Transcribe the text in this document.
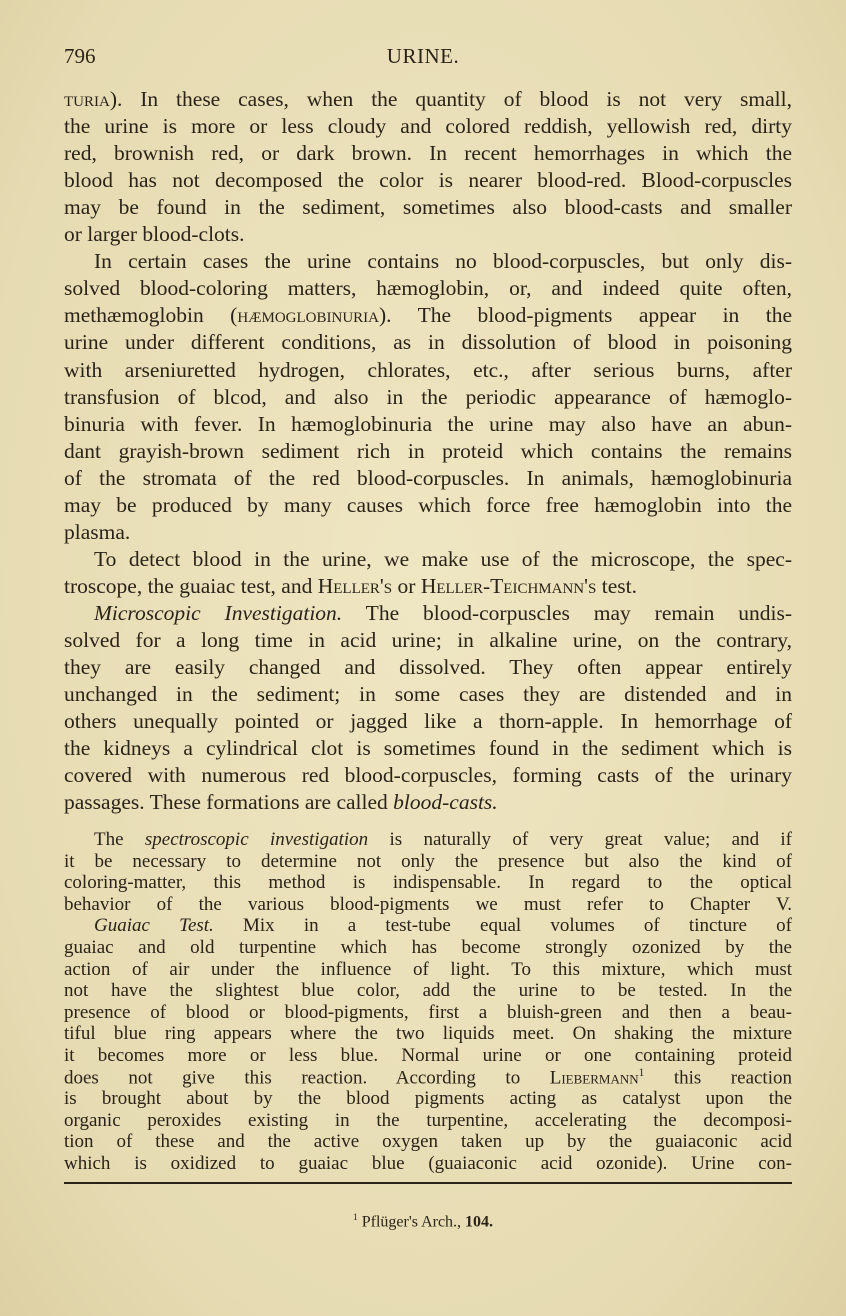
796	URINE.
turia). In these cases, when the quantity of blood is not very small,
the urine is more or less cloudy and colored reddish, yellowish red, dirty
red, brownish red, or dark brown. In recent hemorrhages in which the
blood has not decomposed the color is nearer blood-red. Blood-corpuscles
may be found in the sediment, sometimes also blood-casts and smaller
or larger blood-clots.
In certain cases the urine contains no blood-corpuscles, but only dis-
solved blood-coloring matters, hæmoglobin, or, and indeed quite often,
methæmoglobin (hæmoglobinuria). The blood-pigments appear in the
urine under different conditions, as in dissolution of blood in poisoning
with arseniuretted hydrogen, chlorates, etc., after serious burns, after
transfusion of blcod, and also in the periodic appearance of hæmoglo-
binuria with fever. In hæmoglobinuria the urine may also have an abun-
dant grayish-brown sediment rich in proteid which contains the remains
of the stromata of the red blood-corpuscles. In animals, hæmoglobinuria
may be produced by many causes which force free hæmoglobin into the
plasma.
To detect blood in the urine, we make use of the microscope, the spec-
troscope, the guaiac test, and Heller's or Heller-Teichmann's test.
Microscopic Investigation. The blood-corpuscles may remain undis-
solved for a long time in acid urine; in alkaline urine, on the contrary,
they are easily changed and dissolved. They often appear entirely
unchanged in the sediment; in some cases they are distended and in
others unequally pointed or jagged like a thorn-apple. In hemorrhage of
the kidneys a cylindrical clot is sometimes found in the sediment which is
covered with numerous red blood-corpuscles, forming casts of the urinary
passages. These formations are called blood-casts.
The spectroscopic investigation is naturally of very great value; and if
it be necessary to determine not only the presence but also the kind of
coloring-matter, this method is indispensable. In regard to the optical
behavior of the various blood-pigments we must refer to Chapter V.
Guaiac Test. Mix in a test-tube equal volumes of tincture of
guaiac and old turpentine which has become strongly ozonized by the
action of air under the influence of light. To this mixture, which must
not have the slightest blue color, add the urine to be tested. In the
presence of blood or blood-pigments, first a bluish-green and then a beau-
tiful blue ring appears where the two liquids meet. On shaking the mixture
it becomes more or less blue. Normal urine or one containing proteid
does not give this reaction. According to Liebermann$^1$ this reaction
is brought about by the blood pigments acting as catalyst upon the
organic peroxides existing in the turpentine, accelerating the decomposi-
tion of these and the active oxygen taken up by the guaiaconic acid
which is oxidized to guaiac blue (guaiaconic acid ozonide). Urine con-
$^1$ Pflüger's Arch., 104.
